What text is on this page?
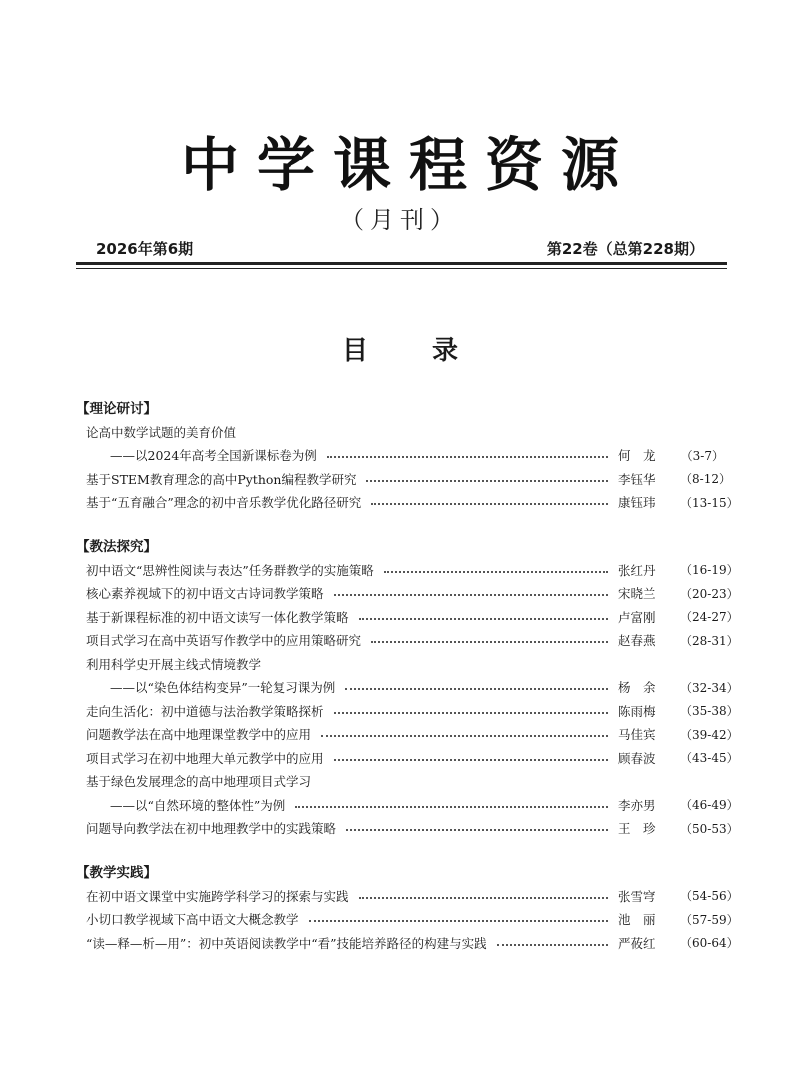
中学课程资源
（月刊）
2026年第6期	第22卷（总第228期）
目 录
【理论研讨】
论高中数学试题的美育价值
——以2024年高考全国新课标卷为例	何　龙	（3-7）
基于STEM教育理念的高中Python编程教学研究	李钰华	（8-12）
基于“五育融合”理念的初中音乐教学优化路径研究	康钰玮	（13-15）
【教法探究】
初中语文“思辨性阅读与表达”任务群教学的实施策略	张红丹	（16-19）
核心素养视域下的初中语文古诗词教学策略	宋晓兰	（20-23）
基于新课程标准的初中语文读写一体化教学策略	卢富刚	（24-27）
项目式学习在高中英语写作教学中的应用策略研究	赵春燕	（28-31）
利用科学史开展主线式情境教学
——以“染色体结构变异”一轮复习课为例	杨　余	（32-34）
走向生活化：初中道德与法治教学策略探析	陈雨梅	（35-38）
问题教学法在高中地理课堂教学中的应用	马佳宾	（39-42）
项目式学习在初中地理大单元教学中的应用	顾春波	（43-45）
基于绿色发展理念的高中地理项目式学习
——以“自然环境的整体性”为例	李亦男	（46-49）
问题导向教学法在初中地理教学中的实践策略	王　珍	（50-53）
【教学实践】
在初中语文课堂中实施跨学科学习的探索与实践	张雪穹	（54-56）
小切口教学视域下高中语文大概念教学	池　丽	（57-59）
“读—释—析—用”：初中英语阅读教学中“看”技能培养路径的构建与实践	严莜红	（60-64）
